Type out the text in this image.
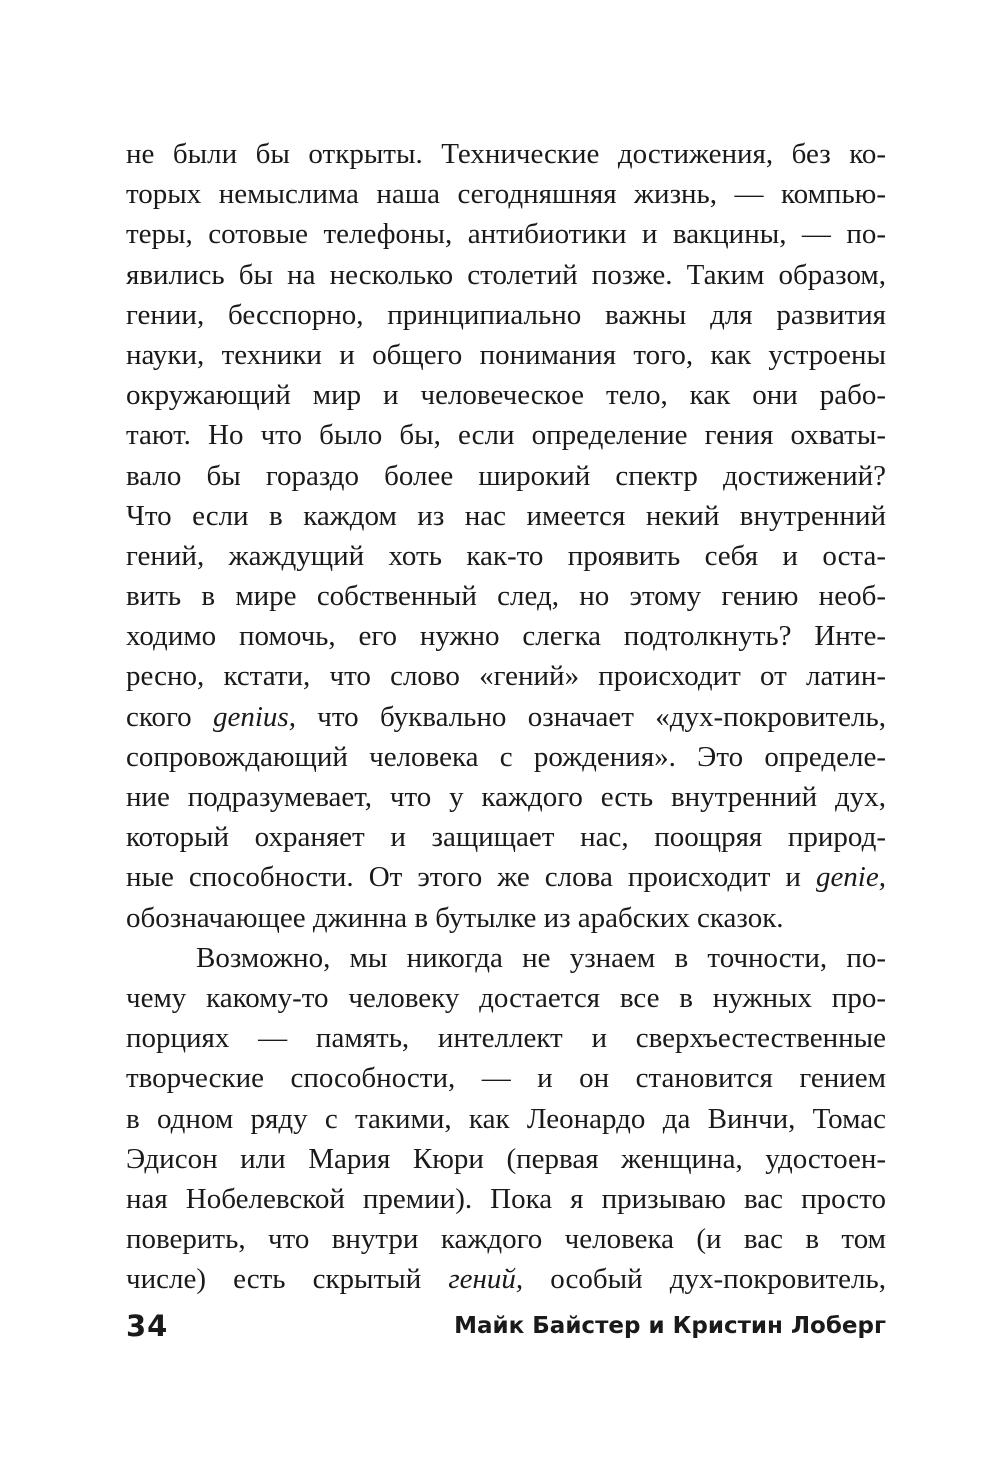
не были бы открыты. Технические достижения, без ко-
торых немыслима наша сегодняшняя жизнь, — компью-
теры, сотовые телефоны, антибиотики и вакцины, — по-
явились бы на несколько столетий позже. Таким образом,
гении, бесспорно, принципиально важны для развития
науки, техники и общего понимания того, как устроены
окружающий мир и человеческое тело, как они рабо-
тают. Но что было бы, если определение гения охваты-
вало бы гораздо более широкий спектр достижений?
Что если в каждом из нас имеется некий внутренний
гений, жаждущий хоть как-то проявить себя и оста-
вить в мире собственный след, но этому гению необ-
ходимо помочь, его нужно слегка подтолкнуть? Инте-
ресно, кстати, что слово «гений» происходит от латин-
ского genius, что буквально означает «дух-покровитель,
сопровождающий человека с рождения». Это определе-
ние подразумевает, что у каждого есть внутренний дух,
который охраняет и защищает нас, поощряя природ-
ные способности. От этого же слова происходит и genie,
обозначающее джинна в бутылке из арабских сказок.
Возможно, мы никогда не узнаем в точности, по-
чему какому-то человеку достается все в нужных про-
порциях — память, интеллект и сверхъестественные
творческие способности, — и он становится гением
в одном ряду с такими, как Леонардо да Винчи, Томас
Эдисон или Мария Кюри (первая женщина, удостоен-
ная Нобелевской премии). Пока я призываю вас просто
поверить, что внутри каждого человека (и вас в том
числе) есть скрытый гений, особый дух-покровитель,
34	Майк Байстер и Кристин Лоберг
